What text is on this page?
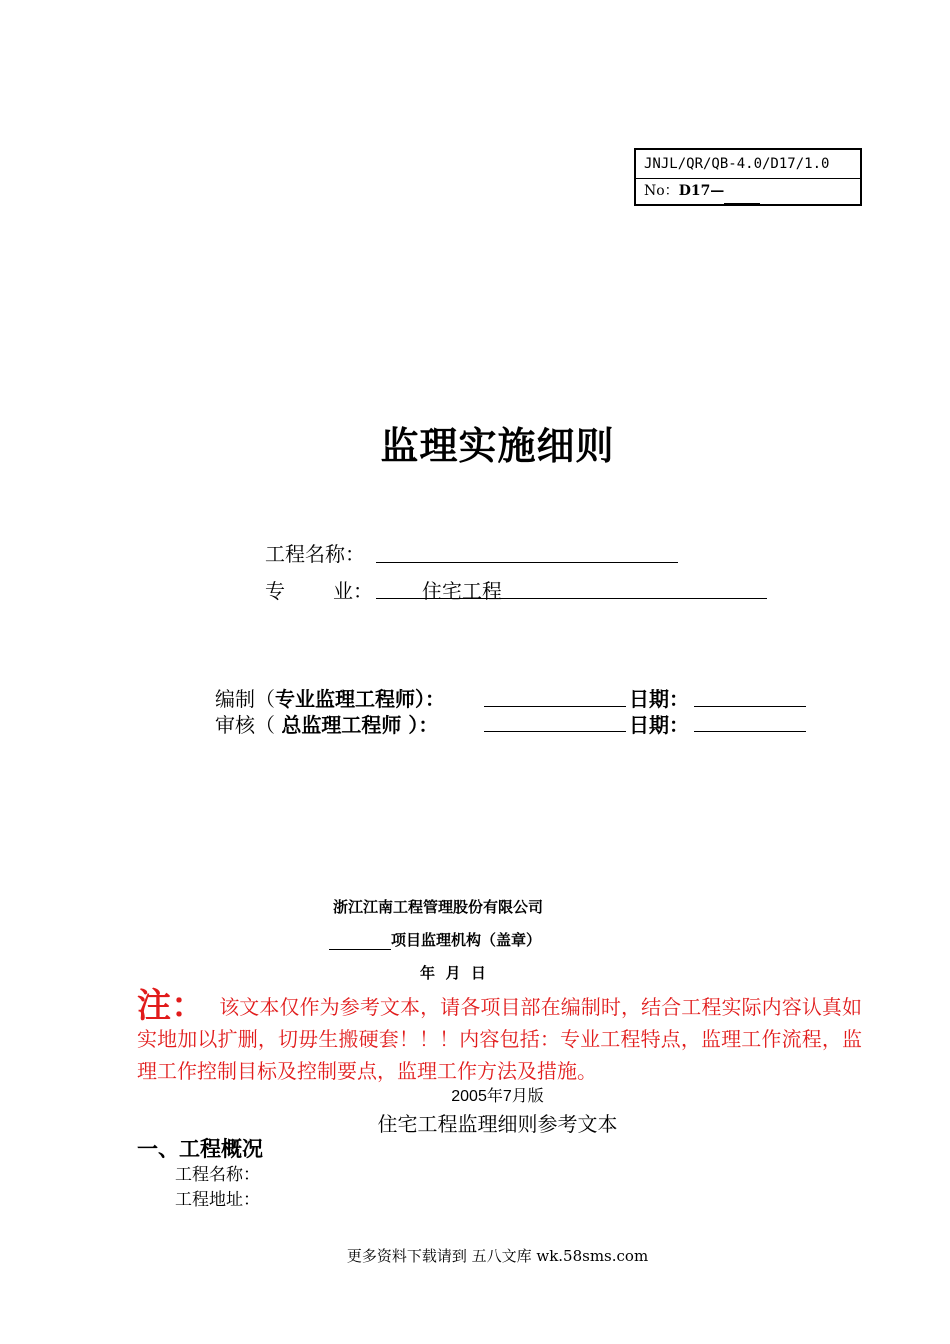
JNJL/QR/QB-4.0/D17/1.0
No：D17—
监理实施细则
工程名称：
专 业： 住宅工程
编制（专业监理工程师）：	日期：
审核（ 总监理工程师 ）：	日期：
浙江江南工程管理股份有限公司
项目监理机构（盖章）
年  月  日
注： 该文本仅作为参考文本，请各项目部在编制时，结合工程实际内容认真如实地加以扩删，切毋生搬硬套！！！内容包括：专业工程特点，监理工作流程，监理工作控制目标及控制要点，监理工作方法及措施。
2005年7月版
住宅工程监理细则参考文本
一、工程概况
工程名称：
工程地址：
更多资料下载请到 五八文库 wk.58sms.com
